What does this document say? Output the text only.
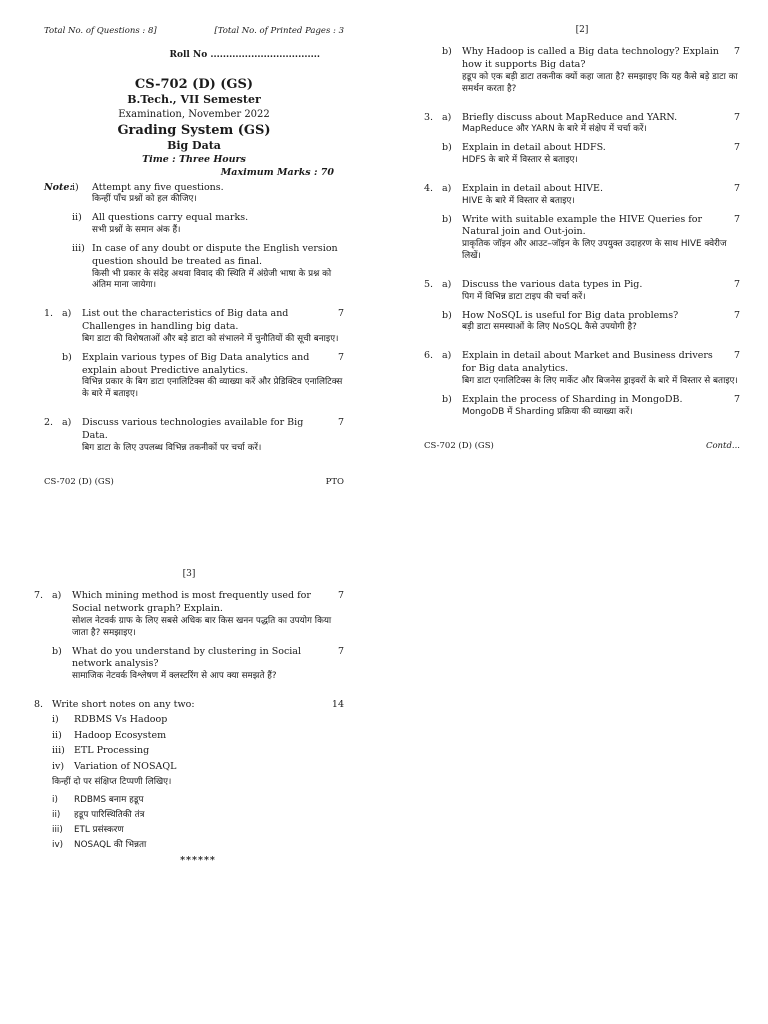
Total No. of Questions : 8]	[Total No. of Printed Pages : 3
Roll No ...................................
CS-702 (D) (GS)
B.Tech., VII Semester
Examination, November 2022
Grading System (GS)
Big Data
Time : Three Hours
Maximum Marks : 70
Note: i)	Attempt any five questions.
किन्हीं पाँच प्रश्नों को हल कीजिए।
ii)	All questions carry equal marks.
सभी प्रश्नों के समान अंक हैं।
iii) In case of any doubt or dispute the English version question should be treated as final.
किसी भी प्रकार के संदेह अथवा विवाद की स्थिति में अंग्रेजी भाषा के प्रश्न को अंतिम माना जायेगा।
1. a)	List out the characteristics of Big data and Challenges in handling big data.
7
बिग डाटा की विशेषताओं और बड़े डाटा को संभालने में चुनौतियों की सूची बनाइए।
b)	Explain various types of Big Data analytics and explain about Predictive analytics.
7
विभिन्न प्रकार के बिग डाटा एनालिटिक्स की व्याख्या करें और प्रेडिक्टिव एनालिटिक्स के बारे में बताइए।
2. a)	Discuss various technologies available for Big Data.
7
बिग डाटा के लिए उपलब्ध विभिन्न तकनीकों पर चर्चा करें।
CS-702 (D) (GS)	PTO
[2]
b)	Why Hadoop is called a Big data technology? Explain how it supports Big data?
7
हडूप को एक बड़ी डाटा तकनीक क्यों कहा जाता है? समझाइए कि यह कैसे बड़े डाटा का समर्थन करता है?
3. a)	Briefly discuss about MapReduce and YARN.	7
MapReduce और YARN के बारे में संक्षेप में चर्चा करें।
b)	Explain in detail about HDFS.	7
HDFS के बारे में विस्तार से बताइए।
4. a)	Explain in detail about HIVE.	7
HIVE के बारे में विस्तार से बताइए।
b)	Write with suitable example the HIVE Queries for Natural join and Out-join.
7
प्राकृतिक जॉइन और आउट–जॉइन के लिए उपयुक्त उदाहरण के साथ HIVE क्वेरीज लिखें।
5. a)	Discuss the various data types in Pig.	7
पिग में विभिन्न डाटा टाइप की चर्चा करें।
b)	How NoSQL is useful for Big data problems?	7
बड़ी डाटा समस्याओं के लिए NoSQL कैसे उपयोगी है?
6. a)	Explain in detail about Market and Business drivers for Big data analytics.
7
बिग डाटा एनालिटिक्स के लिए मार्केट और बिजनेस ड्राइवरों के बारे में विस्तार से बताइए।
b)	Explain the process of Sharding in MongoDB.	7
MongoDB में Sharding प्रक्रिया की व्याख्या करें।
CS-702 (D) (GS)	Contd...
[3]
7. a)	Which mining method is most frequently used for Social network graph? Explain.
7
सोशल नेटवर्क ग्राफ के लिए सबसे अधिक बार किस खनन पद्धति का उपयोग किया जाता है? समझाइए।
b)	What do you understand by clustering in Social network analysis?
7
सामाजिक नेटवर्क विश्लेषण में क्लस्टरिंग से आप क्या समझते हैं?
8. Write short notes on any two:	14
i)	RDBMS Vs Hadoop
ii)	Hadoop Ecosystem
iii) ETL Processing
iv)	Variation of NOSAQL
किन्हीं दो पर संक्षिप्त टिप्पणी लिखिए।
i)	RDBMS बनाम हडूप
ii)	हडूप पारिस्थितिकी तंत्र
iii)	ETL प्रसंस्करण
iv)	NOSAQL की भिन्नता
******
